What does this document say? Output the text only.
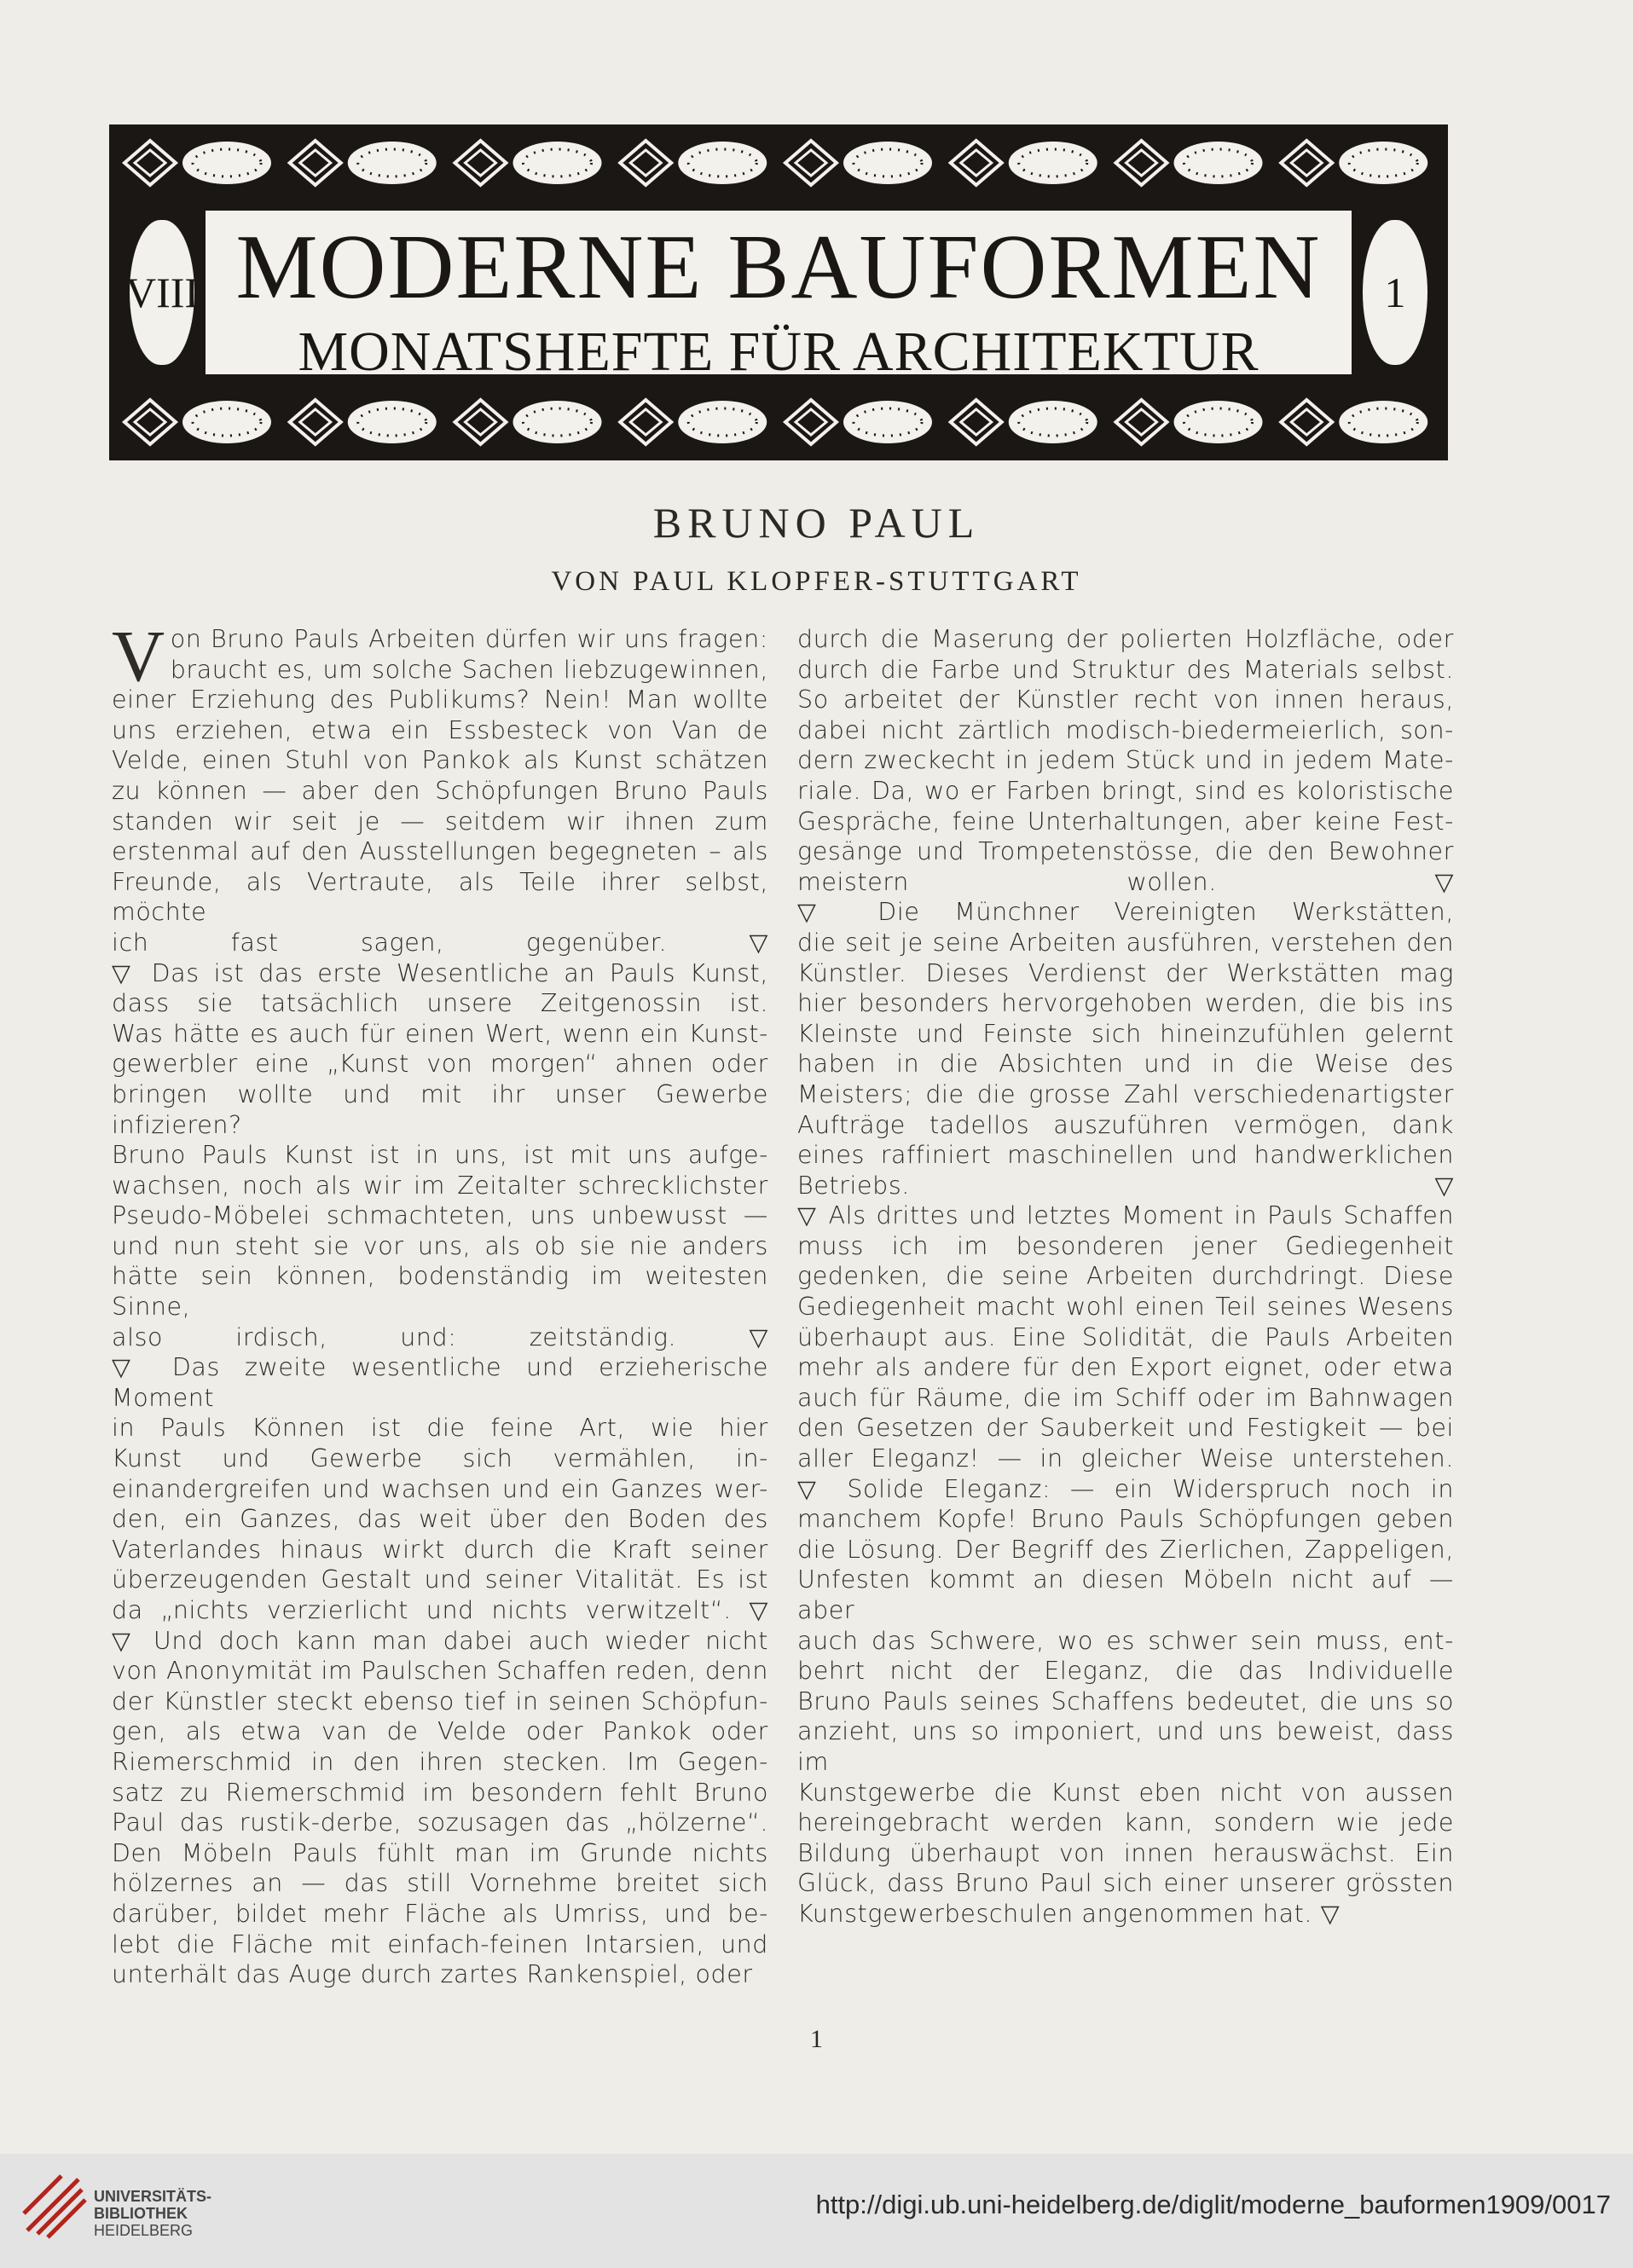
VIII MODERNE BAUFORMEN
MONATSHEFTE FÜR ARCHITEKTUR
1
BRUNO PAUL
VON PAUL KLOPFER-STUTTGART
V on Bruno Pauls Arbeiten dürfen wir uns fragen:

braucht es, um solche Sachen liebzugewinnen,

einer Erziehung des Publikums? Nein! Man wollte

uns erziehen, etwa ein Essbesteck von Van de

Velde, einen Stuhl von Pankok als Kunst schätzen

zu können — aber den Schöpfungen Bruno Pauls

standen wir seit je — seitdem wir ihnen zum

erstenmal auf den Ausstellungen begegneten – als

Freunde, als Vertraute, als Teile ihrer selbst, möchte

ich fast sagen, gegenüber. ▽

▽ Das ist das erste Wesentliche an Pauls Kunst,

dass sie tatsächlich unsere Zeitgenossin ist.

Was hätte es auch für einen Wert, wenn ein Kunst-

gewerbler eine „Kunst von morgen“ ahnen oder

bringen wollte und mit ihr unser Gewerbe infizieren?

Bruno Pauls Kunst ist in uns, ist mit uns aufge-

wachsen, noch als wir im Zeitalter schrecklichster

Pseudo-Möbelei schmachteten, uns unbewusst —

und nun steht sie vor uns, als ob sie nie anders

hätte sein können, bodenständig im weitesten Sinne,

also irdisch, und: zeitständig. ▽

▽ Das zweite wesentliche und erzieherische Moment

in Pauls Können ist die feine Art, wie hier

Kunst und Gewerbe sich vermählen, in-

einandergreifen und wachsen und ein Ganzes wer-

den, ein Ganzes, das weit über den Boden des

Vaterlandes hinaus wirkt durch die Kraft seiner

überzeugenden Gestalt und seiner Vitalität. Es ist

da „nichts verzierlicht und nichts verwitzelt“. ▽

▽ Und doch kann man dabei auch wieder nicht

von Anonymität im Paulschen Schaffen reden, denn

der Künstler steckt ebenso tief in seinen Schöpfun-

gen, als etwa van de Velde oder Pankok oder

Riemerschmid in den ihren stecken. Im Gegen-

satz zu Riemerschmid im besondern fehlt Bruno

Paul das rustik-derbe, sozusagen das „hölzerne“.

Den Möbeln Pauls fühlt man im Grunde nichts

hölzernes an — das still Vornehme breitet sich

darüber, bildet mehr Fläche als Umriss, und be-

lebt die Fläche mit einfach-feinen Intarsien, und

unterhält das Auge durch zartes Rankenspiel, oder

durch die Maserung der polierten Holzfläche, oder

durch die Farbe und Struktur des Materials selbst.

So arbeitet der Künstler recht von innen heraus,

dabei nicht zärtlich modisch-biedermeierlich, son-

dern zweckecht in jedem Stück und in jedem Mate-

riale. Da, wo er Farben bringt, sind es koloristische

Gespräche, feine Unterhaltungen, aber keine Fest-

gesänge und Trompetenstösse, die den Bewohner

meistern wollen. ▽

▽ Die Münchner Vereinigten Werkstätten,

die seit je seine Arbeiten ausführen, verstehen den

Künstler. Dieses Verdienst der Werkstätten mag

hier besonders hervorgehoben werden, die bis ins

Kleinste und Feinste sich hineinzufühlen gelernt

haben in die Absichten und in die Weise des

Meisters; die die grosse Zahl verschiedenartigster

Aufträge tadellos auszuführen vermögen, dank

eines raffiniert maschinellen und handwerklichen

Betriebs. ▽

▽ Als drittes und letztes Moment in Pauls Schaffen

muss ich im besonderen jener Gediegenheit

gedenken, die seine Arbeiten durchdringt. Diese

Gediegenheit macht wohl einen Teil seines Wesens

überhaupt aus. Eine Solidität, die Pauls Arbeiten

mehr als andere für den Export eignet, oder etwa

auch für Räume, die im Schiff oder im Bahnwagen

den Gesetzen der Sauberkeit und Festigkeit — bei

aller Eleganz! — in gleicher Weise unterstehen.

▽ Solide Eleganz: — ein Widerspruch noch in

manchem Kopfe! Bruno Pauls Schöpfungen geben

die Lösung. Der Begriff des Zierlichen, Zappeligen,

Unfesten kommt an diesen Möbeln nicht auf — aber

auch das Schwere, wo es schwer sein muss, ent-

behrt nicht der Eleganz, die das Individuelle

Bruno Pauls seines Schaffens bedeutet, die uns so

anzieht, uns so imponiert, und uns beweist, dass im

Kunstgewerbe die Kunst eben nicht von aussen

hereingebracht werden kann, sondern wie jede

Bildung überhaupt von innen herauswächst. Ein

Glück, dass Bruno Paul sich einer unserer grössten

Kunstgewerbeschulen angenommen hat. ▽

1
UNIVERSITÄTS-
BIBLIOTHEK
HEIDELBERG
http://digi.ub.uni-heidelberg.de/diglit/moderne_bauformen1909/0017
